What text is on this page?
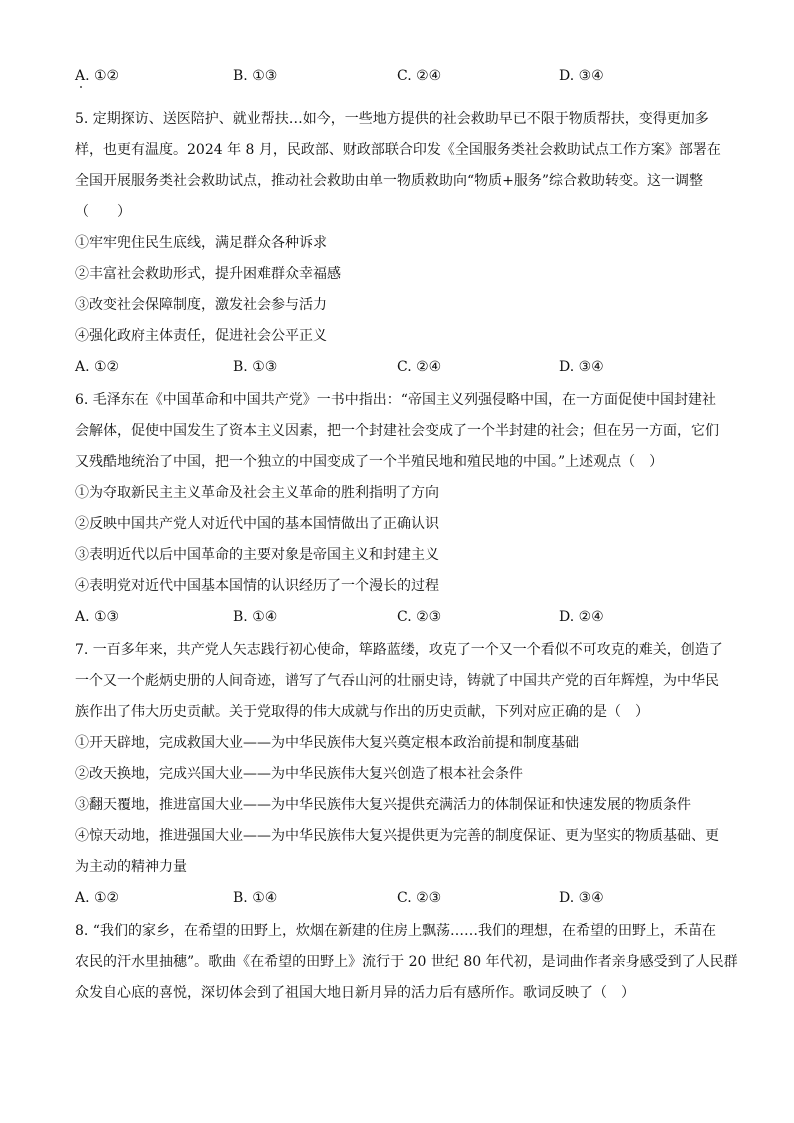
A. ①②	B. ①③	C. ②④	D. ③④
5. 定期探访、送医陪护、就业帮扶…如今，一些地方提供的社会救助早已不限于物质帮扶，变得更加多
样，也更有温度。2024 年 8 月，民政部、财政部联合印发《全国服务类社会救助试点工作方案》部署在
全国开展服务类社会救助试点，推动社会救助由单一物质救助向“物质+服务”综合救助转变。这一调整
（　　）
①牢牢兜住民生底线，满足群众各种诉求
②丰富社会救助形式，提升困难群众幸福感
③改变社会保障制度，激发社会参与活力
④强化政府主体责任，促进社会公平正义
A. ①②	B. ①③	C. ②④	D. ③④
6. 毛泽东在《中国革命和中国共产党》一书中指出：“帝国主义列强侵略中国，在一方面促使中国封建社
会解体，促使中国发生了资本主义因素，把一个封建社会变成了一个半封建的社会；但在另一方面，它们
又残酷地统治了中国，把一个独立的中国变成了一个半殖民地和殖民地的中国。”上述观点（　）
①为夺取新民主主义革命及社会主义革命的胜利指明了方向
②反映中国共产党人对近代中国的基本国情做出了正确认识
③表明近代以后中国革命的主要对象是帝国主义和封建主义
④表明党对近代中国基本国情的认识经历了一个漫长的过程
A. ①③	B. ①④	C. ②③	D. ②④
7. 一百多年来，共产党人矢志践行初心使命，筚路蓝缕，攻克了一个又一个看似不可攻克的难关，创造了
一个又一个彪炳史册的人间奇迹，谱写了气吞山河的壮丽史诗，铸就了中国共产党的百年辉煌，为中华民
族作出了伟大历史贡献。关于党取得的伟大成就与作出的历史贡献，下列对应正确的是（　）
①开天辟地，完成救国大业——为中华民族伟大复兴奠定根本政治前提和制度基础
②改天换地，完成兴国大业——为中华民族伟大复兴创造了根本社会条件
③翻天覆地，推进富国大业——为中华民族伟大复兴提供充满活力的体制保证和快速发展的物质条件
④惊天动地，推进强国大业——为中华民族伟大复兴提供更为完善的制度保证、更为坚实的物质基础、更
为主动的精神力量
A. ①②	B. ①④	C. ②③	D. ③④
8. “我们的家乡，在希望的田野上，炊烟在新建的住房上飘荡……我们的理想，在希望的田野上，禾苗在
农民的汗水里抽穗”。歌曲《在希望的田野上》流行于 20 世纪 80 年代初，是词曲作者亲身感受到了人民群
众发自心底的喜悦，深切体会到了祖国大地日新月异的活力后有感所作。歌词反映了（　）
